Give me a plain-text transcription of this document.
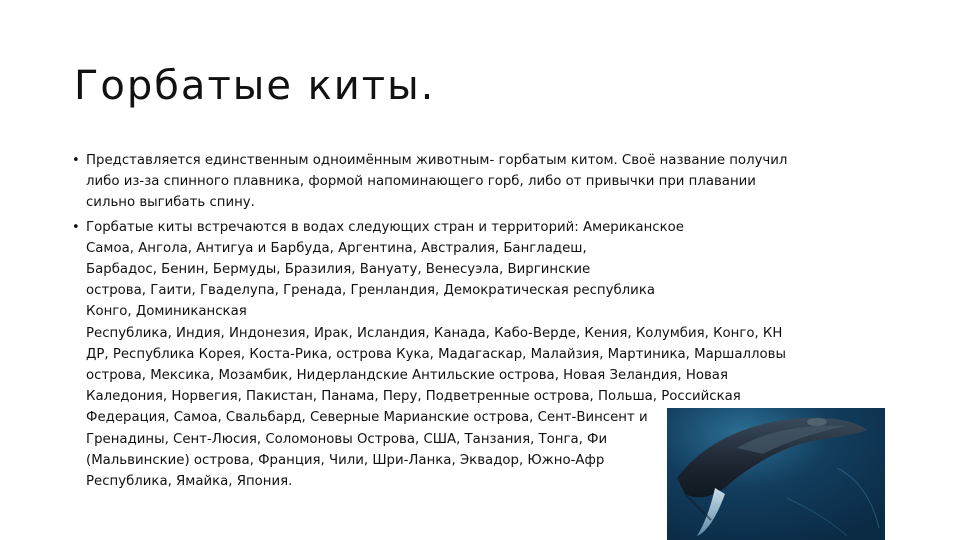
Горбатые киты.
• Представляется единственным одноимённым животным- горбатым китом. Своё название получил
либо из-за спинного плавника, формой напоминающего горб, либо от привычки при плавании
сильно выгибать спину.
• Горбатые киты встречаются в водах следующих стран и территорий: Американское
Самоа, Ангола, Антигуа и Барбуда, Аргентина, Австралия, Бангладеш,
Барбадос, Бенин, Бермуды, Бразилия, Вануату, Венесуэла, Виргинские
острова, Гаити, Гваделупа, Гренада, Гренландия, Демократическая республика
Конго, Доминиканская
Республика, Индия, Индонезия, Ирак, Исландия, Канада, Кабо-Верде, Кения, Колумбия, Конго, КН
ДР, Республика Корея, Коста-Рика, острова Кука, Мадагаскар, Малайзия, Мартиника, Маршалловы
острова, Мексика, Мозамбик, Нидерландские Антильские острова, Новая Зеландия, Новая
Каледония, Норвегия, Пакистан, Панама, Перу, Подветренные острова, Польша, Российская
Федерация, Самоа, Свальбард, Северные Марианские острова, Сент-Винсент и
Гренадины, Сент-Люсия, Соломоновы Острова, США, Танзания, Тонга, Фи
(Мальвинские) острова, Франция, Чили, Шри-Ланка, Эквадор, Южно-Афр
Республика, Ямайка, Япония.
